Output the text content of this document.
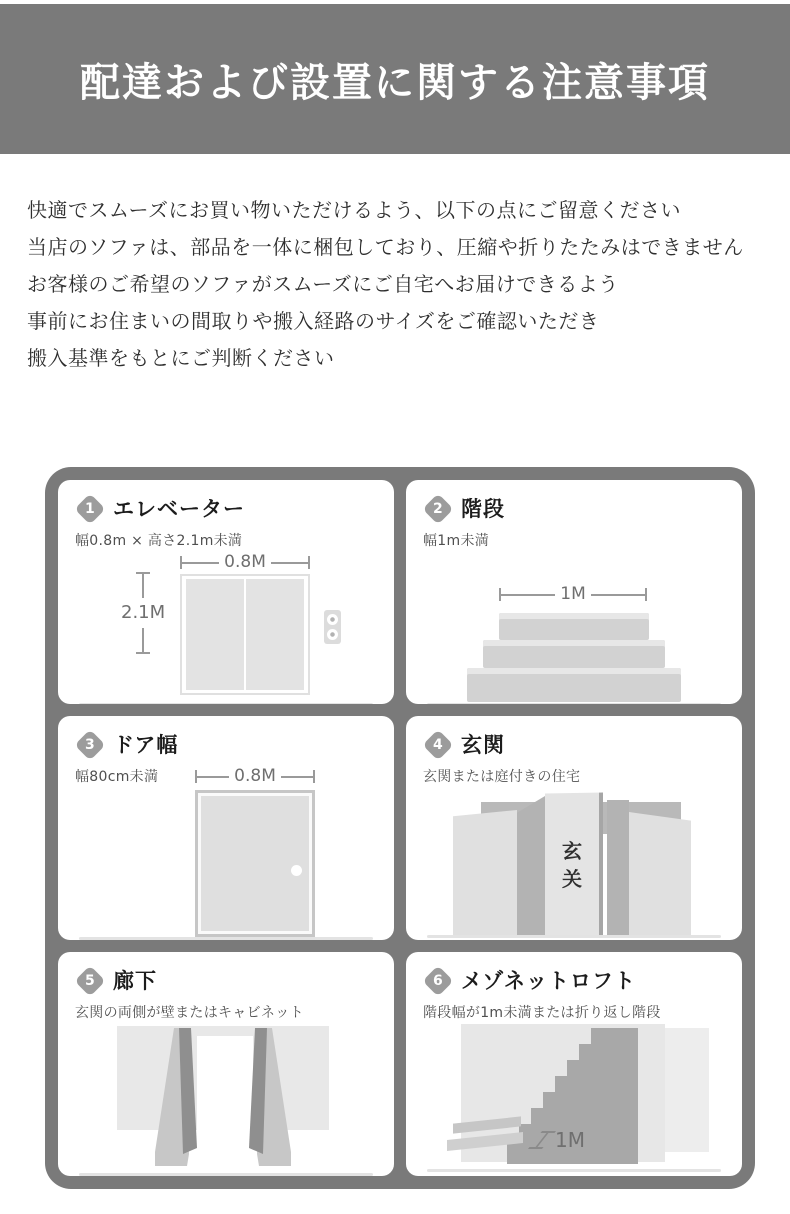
配達および設置に関する注意事項

快適でスムーズにお買い物いただけるよう、以下の点にご留意ください

当店のソファは、部品を一体に梱包しており、圧縮や折りたたみはできません

お客様のご希望のソファがスムーズにご自宅へお届けできるよう

事前にお住まいの間取りや搬入経路のサイズをご確認いただき

搬入基準をもとにご判断ください

1 エレベーター
幅0.8m × 高さ2.1m未満
0.8M
2.1M
2 階段
幅1m未満
1M
3 ドア幅
幅80cm未満	0.8M
4 玄関
玄関または庭付きの住宅
玄
关
5 廊下
玄関の両側が壁またはキャビネット
6 メゾネットロフト
階段幅が1m未満または折り返し階段
1M
